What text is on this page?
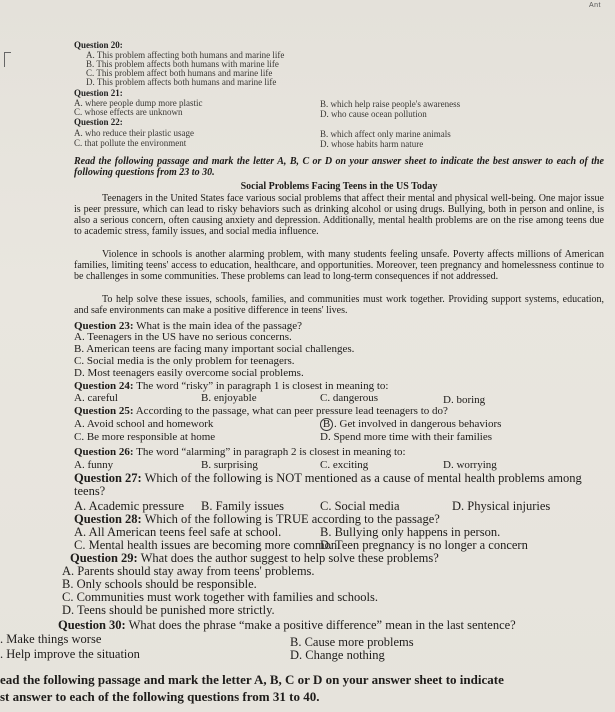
Ant
Question 20:
A. This problem affecting both humans and marine life
B. This problem affects both humans with marine life
C. This problem affect both humans and marine life
D. This problem affects both humans and marine life
Question 21:
A. where people dump more plastic	B. which help raise people's awareness
C. whose effects are unknown	D. who cause ocean pollution
Question 22:
A. who reduce their plastic usage	B. which affect only marine animals
C. that pollute the environment	D. whose habits harm nature
Read the following passage and mark the letter A, B, C or D on your answer sheet to indicate the best answer to each of the following questions from 23 to 30.
Social Problems Facing Teens in the US Today
Teenagers in the United States face various social problems that affect their mental and physical well-being. One major issue is peer pressure, which can lead to risky behaviors such as drinking alcohol or using drugs. Bullying, both in person and online, is also a serious concern, often causing anxiety and depression. Additionally, mental health problems are on the rise among teens due to academic stress, family issues, and social media influence.
Violence in schools is another alarming problem, with many students feeling unsafe. Poverty affects millions of American families, limiting teens' access to education, healthcare, and opportunities. Moreover, teen pregnancy and homelessness continue to be challenges in some communities. These problems can lead to long-term consequences if not addressed.
To help solve these issues, schools, families, and communities must work together. Providing support systems, education, and safe environments can make a positive difference in teens' lives.
Question 23: What is the main idea of the passage?
A. Teenagers in the US have no serious concerns.
B. American teens are facing many important social challenges.
C. Social media is the only problem for teenagers.
D. Most teenagers easily overcome social problems.
Question 24: The word “risky” in paragraph 1 is closest in meaning to:
A. careful	B. enjoyable	C. dangerous	D. boring
Question 25: According to the passage, what can peer pressure lead teenagers to do?
A. Avoid school and homework	B . Get involved in dangerous behaviors
C. Be more responsible at home	D. Spend more time with their families
Question 26: The word “alarming” in paragraph 2 is closest in meaning to:
A. funny	B. surprising	C. exciting	D. worrying
Question 27: Which of the following is NOT mentioned as a cause of mental health problems among
teens?
A. Academic pressure B. Family issues	C. Social media	D. Physical injuries
Question 28: Which of the following is TRUE according to the passage?
A. All American teens feel safe at school.	B. Bullying only happens in person.
C. Mental health issues are becoming more common.
D. Teen pregnancy is no longer a concern
Question 29: What does the author suggest to help solve these problems?
A. Parents should stay away from teens' problems.
B. Only schools should be responsible.
C. Communities must work together with families and schools.
D. Teens should be punished more strictly.
Question 30: What does the phrase “make a positive difference” mean in the last sentence?
. Make things worse	B. Cause more problems
. Help improve the situation	D. Change nothing
ead the following passage and mark the letter A, B, C or D on your answer sheet to indicate
st answer to each of the following questions from 31 to 40.
